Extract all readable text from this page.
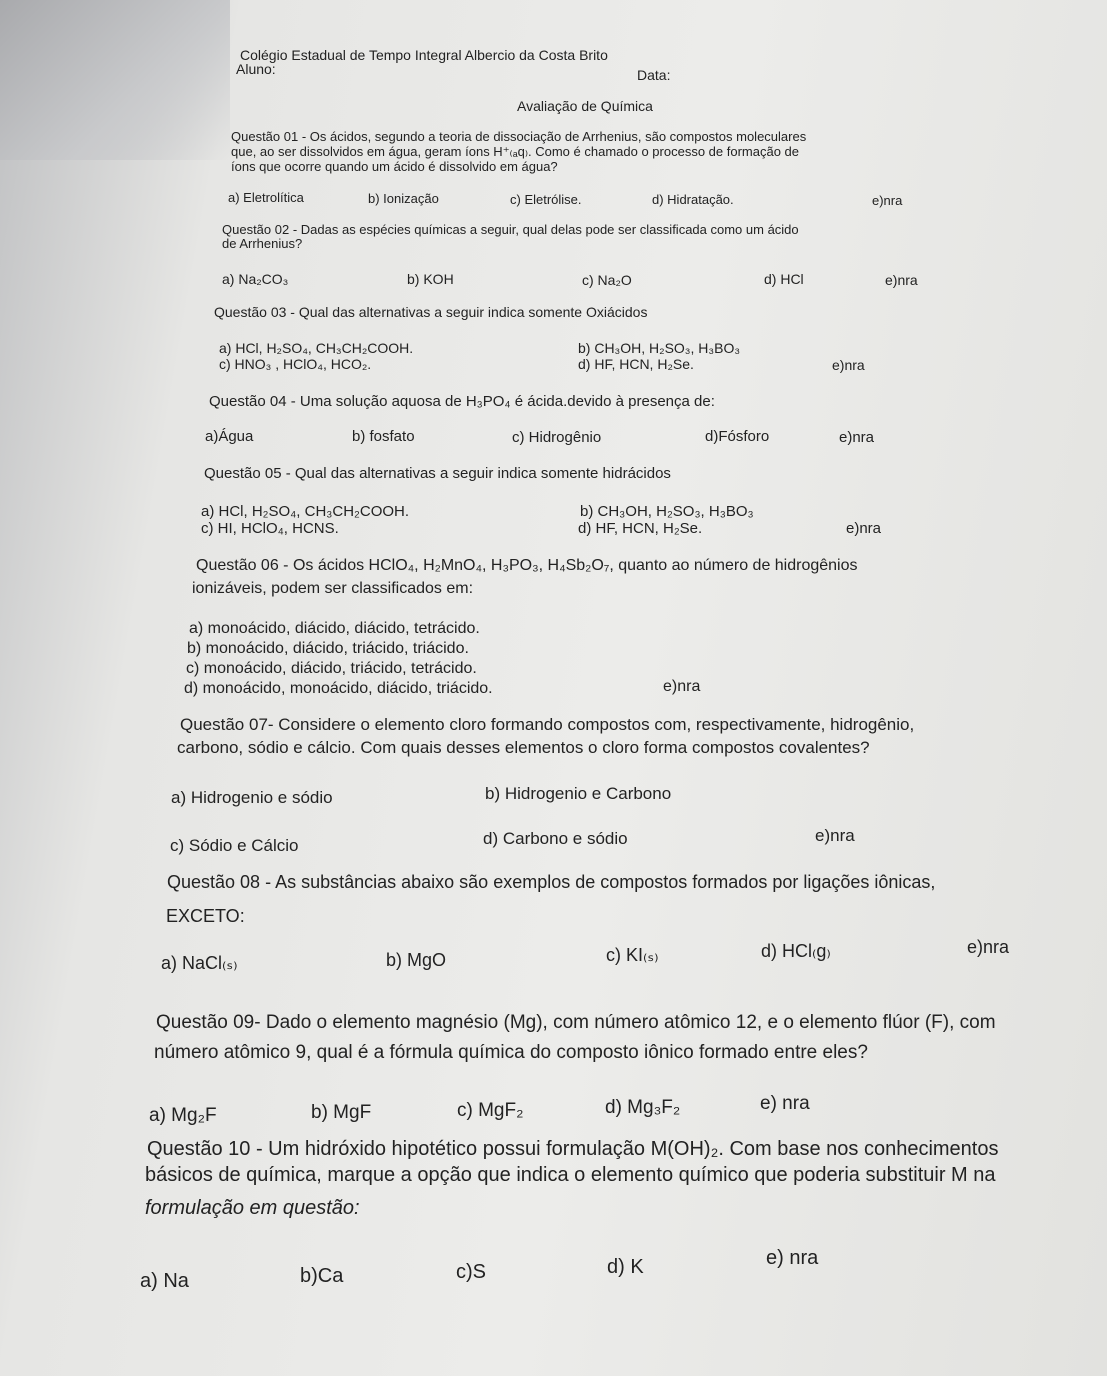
Colégio Estadual de Tempo Integral Albercio da Costa Brito
Aluno:	Data:
Avaliação de Química
Questão 01 - Os ácidos, segundo a teoria de dissociação de Arrhenius, são compostos moleculares
que, ao ser dissolvidos em água, geram íons H⁺₍ₐq₎. Como é chamado o processo de formação de
íons que ocorre quando um ácido é dissolvido em água?
a) Eletrolítica	b) Ionização	c) Eletrólise.	d) Hidratação.	e)nra
Questão 02 - Dadas as espécies químicas a seguir, qual delas pode ser classificada como um ácido
de Arrhenius?
a) Na₂CO₃	b) KOH	c) Na₂O	d) HCl	e)nra
Questão 03 - Qual das alternativas a seguir indica somente Oxiácidos
a) HCl, H₂SO₄, CH₃CH₂COOH.	b) CH₃OH, H₂SO₃, H₃BO₃
c) HNO₃ , HClO₄, HCO₂.	d) HF, HCN, H₂Se.	e)nra
Questão 04 - Uma solução aquosa de H₃PO₄ é ácida.devido à presença de:
a)Água	b) fosfato	c) Hidrogênio	d)Fósforo	e)nra
Questão 05 - Qual das alternativas a seguir indica somente hidrácidos
a) HCl, H₂SO₄, CH₃CH₂COOH.	b) CH₃OH, H₂SO₃, H₃BO₃
c) HI, HClO₄, HCNS.	d) HF, HCN, H₂Se.	e)nra
Questão 06 - Os ácidos HClO₄, H₂MnO₄, H₃PO₃, H₄Sb₂O₇, quanto ao número de hidrogênios
ionizáveis, podem ser classificados em:
a) monoácido, diácido, diácido, tetrácido.
b) monoácido, diácido, triácido, triácido.
c) monoácido, diácido, triácido, tetrácido.
d) monoácido, monoácido, diácido, triácido.	e)nra
Questão 07- Considere o elemento cloro formando compostos com, respectivamente, hidrogênio,
carbono, sódio e cálcio. Com quais desses elementos o cloro forma compostos covalentes?
a) Hidrogenio e sódio	b) Hidrogenio e Carbono
c) Sódio e Cálcio	d) Carbono e sódio	e)nra
Questão 08 - As substâncias abaixo são exemplos de compostos formados por ligações iônicas,
EXCETO:
a) NaCl₍ₛ₎	b) MgO	c) KI₍ₛ₎	d) HCl₍g₎	e)nra
Questão 09- Dado o elemento magnésio (Mg), com número atômico 12, e o elemento flúor (F), com
número atômico 9, qual é a fórmula química do composto iônico formado entre eles?
a) Mg₂F	b) MgF	c) MgF₂	d) Mg₃F₂	e) nra
Questão 10 - Um hidróxido hipotético possui formulação M(OH)₂. Com base nos conhecimentos
básicos de química, marque a opção que indica o elemento químico que poderia substituir M na
formulação em questão:
a) Na	b)Ca	c)S	d) K	e) nra
